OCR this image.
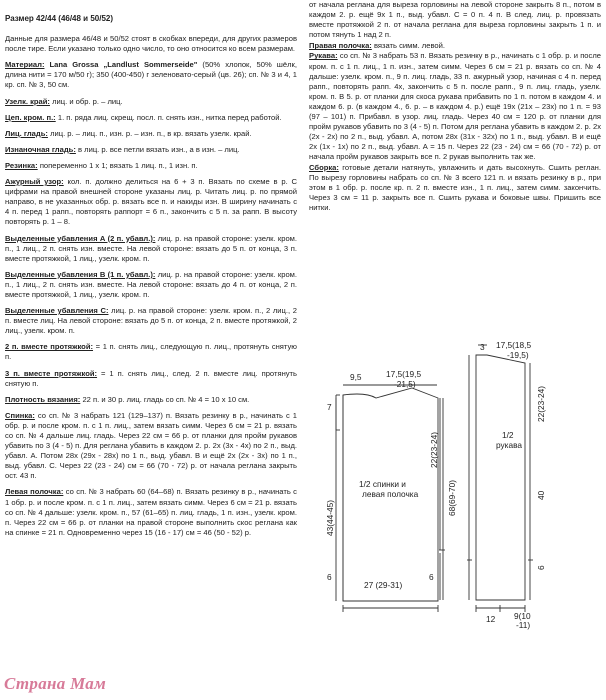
Размер 42/44 (46/48 и 50/52)

Данные для размера 46/48 и 50/52 стоят в скобках впереди, для других размеров после тире. Если указано только одно число, то оно относится ко всем размерам.

Материал: Lana Grossa „Landlust Sommerseide" (50% хлопок, 50% шёлк, длина нити = 170 м/50 г); 350 (400-450) г зеленовато-серый (цв. 26); сп. № 3 и 4, 1 кр. сп. № 3, 50 см.

Узелк. край: лиц. и обр. р. – лиц.

Цеп. кром. п.: 1. п. ряда лиц. скрещ. посл. п. снять изн., нитка перед работой.

Лиц. гладь: лиц. р. – лиц. п., изн. р. – изн. п., в кр. вязать узелк. край.

Изнаночная гладь: в лиц. р. все петли вязать изн., а в изн. – лиц.

Резинка: попеременно 1 х 1; вязать 1 лиц. п., 1 изн. п.

Ажурный узор: кол. п. должно делиться на 6 + 3 п. Вязать по схеме в р. С цифрами на правой внешней стороне указаны лиц. р. Читать лиц. р. по прямой направо, в не указанных обр. р. вязать все п. и накиды изн. В ширину начинать с 4 п. перед 1 рапп., повторять раппорт = 6 п., закончить с 5 п. за рапп. В высоту повторять р. 1 – 8.

Выделенные убавления А (2 п. убавл.): лиц. р. на правой стороне: узелк. кром. п., 1 лиц., 2 п. снять изн. вместе. На левой стороне: вязать до 5 п. от конца, 3 п. вместе протяжкой, 1 лиц., узелк. кром. п.

Выделенные убавления В (1 п. убавл.): лиц. р. на правой стороне: узелк. кром. п., 1 лиц., 2 п. снять изн. вместе. На левой стороне: вязать до 4 п. от конца, 2 п. вместе протяжкой, 1 лиц., узелк. кром. п.

Выделенные убавления С: лиц. р. на правой стороне: узелк. кром. п., 2 лиц., 2 п. вместе лиц. На левой стороне: вязать до 5 п. от конца, 2 п. вместе протяжкой, 2 лиц., узелк. кром. п.

2 п. вместе протяжкой: = 1 п. снять лиц., следующую п. лиц., протянуть снятую п.

3 п. вместе протяжкой: = 1 п. снять лиц., след. 2 п. вместе лиц. протянуть снятую п.

Плотность вязания: 22 п. и 30 р. лиц. гладь со сп. № 4 = 10 х 10 см.

Спинка: со сп. № 3 набрать 121 (129–137) п. Вязать резинку в р., начинать с 1 обр. р. и после кром. п. с 1 п. лиц., затем вязать симм. Через 6 см = 21 р. вязать со сп. № 4 дальше лиц. гладь. Через 22 см = 66 р. от планки для пройм рукавов убавить по 3 (4 - 5) п. Для реглана убавить в каждом 2. р. 2х (3х - 4х) по 2 п., выд. убавл. А. Потом 28х (29х - 28х) по 1 п., выд. убавл. В и ещё 2х (2х - 3х) по 1 п., выд. убавл. С. Через 22 (23 - 24) см = 66 (70 - 72) р. от начала реглана закрыть ост. 43 п.

Левая полочка: со сп. № 3 набрать 60 (64–68) п. Вязать резинку в р., начинать с 1 обр. р. и после кром. п. с 1 п. лиц., затем вязать симм. Через 6 см = 21 р. вязать со сп. № 4 дальше: узелк. кром. п., 57 (61–65) п. лиц. гладь, 1 п. изн., узелк. кром. п. Через 22 см = 66 р. от планки на правой стороне выполнить скос реглана как на спинке = 21 п. Одновременно через 15 (16 - 17) см = 46 (50 - 52) р.

от начала реглана для выреза горловины на левой стороне закрыть 8 п., потом в каждом 2. р. ещё 9х 1 п., выд. убавл. С = 0 п. 4 п. В след. лиц. р. провязать вместе протяжкой 2 п. от начала реглана для выреза горловины закрыть 1 п. и потом тянуть 1 над 2 п.

Правая полочка: вязать симм. левой.

Рукава: со сп. № 3 набрать 53 п. Вязать резинку в р., начинать с 1 обр. р. и после кром. п. с 1 п. лиц., 1 п. изн., затем симм. Через 6 см = 21 р. вязать со сп. № 4 дальше: узелк. кром. п., 9 п. лиц. гладь, 33 п. ажурный узор, начиная с 4 п. перед рапп., повторять рапп. 4х, закончить с 5 п. после рапп., 9 п. лиц. гладь, узелк. кром. п. В 5. р. от планки для скоса рукава прибавить по 1 п. потом в каждом 4. и каждом 6. р. (в каждом 4., 6. р. – в каждом 4. р.) ещё 19х (21х – 23х) по 1 п. = 93 (97 – 101) п. Прибавл. в узор. лиц. гладь. Через 40 см = 120 р. от планки для пройм рукавов убавить по 3 (4 - 5) п. Потом для реглана убавить в каждом 2. р. 2х (2х - 2х) по 2 п., выд. убавл. А, потом 28х (31х - 32х) по 1 п., выд. убавл. В и ещё 2х (1х - 1х) по 2 п., выд. убавл. А = 15 п. Через 22 (23 - 24) см = 66 (70 - 72) р. от начала пройм рукавов закрыть все п. 2 рукав выполнить так же.

Сборка: готовые детали натянуть, увлажнить и дать высохнуть. Сшить реглан. По вырезу горловины набрать со сп. № 3 всего 121 п. и вязать резинку в р., при этом в 1 обр. р. после кр. п. 2 п. вместе изн., 1 п. лиц., затем симм. закончить. Через 3 см = 11 р. закрыть все п. Сшить рукава и боковые швы. Пришить все нитки.

9,5	17,5(19,5
-21,5)
7
43(44-45)
22(23-24)
68(69-70)
6	6
27 (29-31)
1/2 спинки и
левая полочка
3 17,5(18,5
-19,5)
22(23-24)
40
6
12 9(10
-11)
1/2
рукава
Страна Мам
